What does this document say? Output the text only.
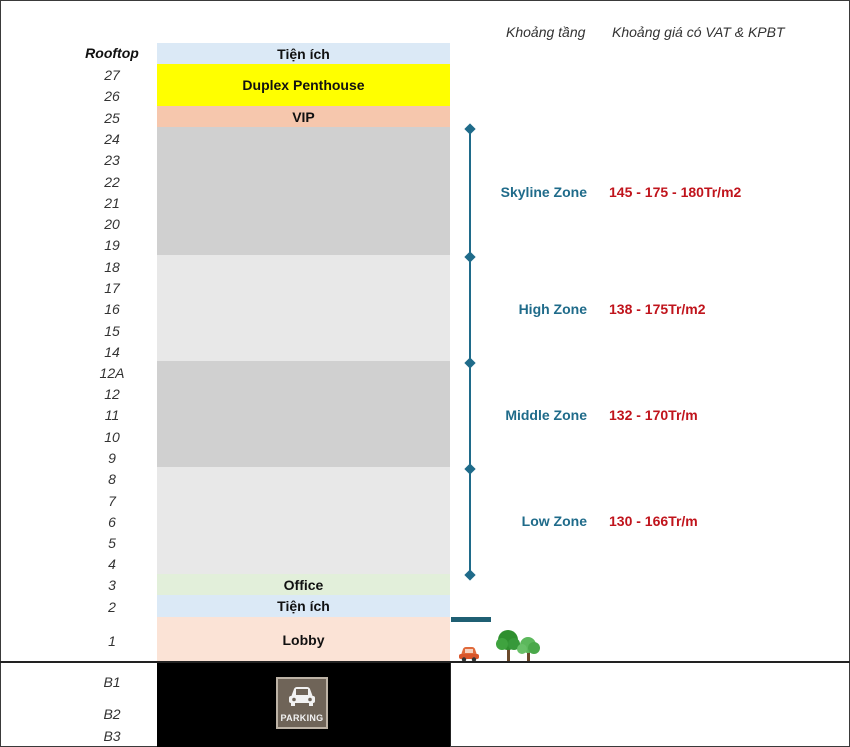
Khoảng tầng Khoảng giá có VAT & KPBT
Rooftop
27
26
25
24
23
22
21
20
19
18
17
16
15
14
12A
12
11
10
9
8
7
6
5
4
3
2
1
B1
B2
B3
Tiện ích
Duplex Penthouse
VIP
Office
Tiện ích
Lobby
Skyline Zone 145 - 175 - 180Tr/m2
High Zone 138 - 175Tr/m2
Middle Zone 132 - 170Tr/m
Low Zone 130 - 166Tr/m
PARKING
